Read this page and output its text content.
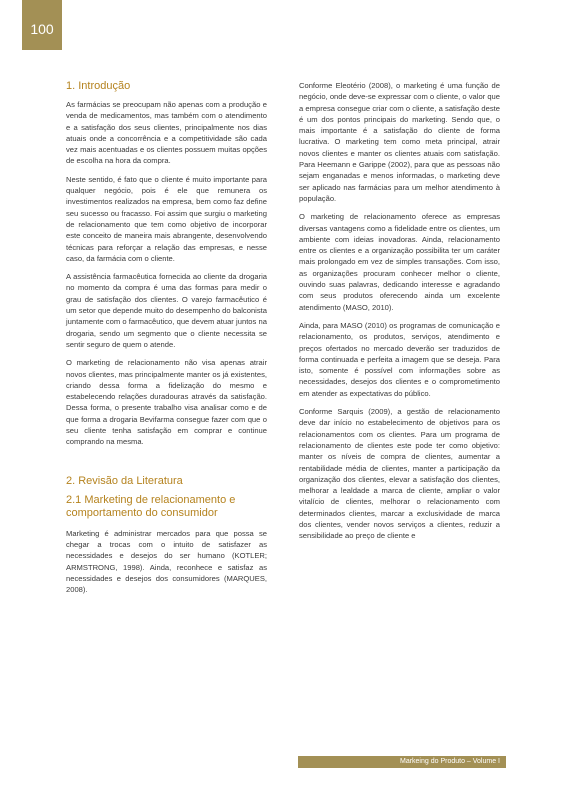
100
1. Introdução

As farmácias se preocupam não apenas com a produção e venda de medicamentos, mas também com o atendimento e a satisfação dos seus clientes, principalmente nos dias atuais onde a concorrência e a competitividade são cada vez mais acentuadas e os clientes possuem muitas opções de escolha na hora da compra.

Neste sentido, é fato que o cliente é muito importante para qualquer negócio, pois é ele que remunera os investimentos realizados na empresa, bem como faz define seu sucesso ou fracasso. Foi assim que surgiu o marketing de relacionamento que tem como objetivo de incorporar este conceito de maneira mais abrangente, desenvolvendo técnicas para reforçar a relação das empresas, e nesse caso, da farmácia com o cliente.

A assistência farmacêutica fornecida ao cliente da drogaria no momento da compra é uma das formas para medir o grau de satisfação dos clientes. O varejo farmacêutico é um setor que depende muito do desempenho do balconista juntamente com o farmacêutico, que devem atuar juntos na drogaria, sendo um segmento que o cliente necessita se sentir seguro de quem o atende.

O marketing de relacionamento não visa apenas atrair novos clientes, mas principalmente manter os já existentes, criando dessa forma a fidelização do mesmo e estabelecendo relações duradouras através da satisfação. Dessa forma, o presente trabalho visa analisar como e de que forma a drogaria Bevifarma consegue fazer com que o seu cliente tenha satisfação em comprar e continue comprando na mesma.

2. Revisão da Literatura
2.1 Marketing de relacionamento e comportamento do consumidor

Marketing é administrar mercados para que possa se chegar a trocas com o intuito de satisfazer as necessidades e desejos do ser humano (KOTLER; ARMSTRONG, 1998). Ainda, reconhece e satisfaz as necessidades e desejos dos consumidores (MARQUES, 2008).

Conforme Eleotério (2008), o marketing é uma função de negócio, onde deve-se expressar com o cliente, o valor que a empresa consegue criar com o cliente, a satisfação deste é um dos pontos principais do marketing. Sendo que, o mais importante é a satisfação do cliente de forma lucrativa. O marketing tem como meta principal, atrair novos clientes e manter os clientes atuais com satisfação. Para Heemann e Garippe (2002), para que as pessoas não sejam enganadas e menos informadas, o marketing deve ser aplicado nas farmácias para um melhor atendimento à população.

O marketing de relacionamento oferece as empresas diversas vantagens como a fidelidade entre os clientes, um ambiente com ideias inovadoras. Ainda, relacionamento entre os clientes e a organização possibilita ter um caráter mais prolongado em vez de simples transações. Com isso, as organizações procuram conhecer melhor o cliente, ouvindo suas palavras, dedicando interesse e agradando com seus produtos oferecendo ainda um excelente atendimento (MASO, 2010).

Ainda, para MASO (2010) os programas de comunicação e relacionamento, os produtos, serviços, atendimento e preços ofertados no mercado deverão ser traduzidos de forma continuada e perfeita a imagem que se deseja. Para isto, somente é possível com informações sobre as necessidades, desejos dos clientes e o comprometimento em atender as expectativas do público.

Conforme Sarquis (2009), a gestão de relacionamento deve dar início no estabelecimento de objetivos para os relacionamentos com os clientes. Para um programa de relacionamento de clientes este pode ter como objetivo: manter os níveis de compra de clientes, aumentar a rentabilidade média de clientes, manter a participação da organização dos clientes, elevar a satisfação dos clientes, melhorar a lealdade a marca de cliente, ampliar o valor vitalício de clientes, melhorar o relacionamento com determinados clientes, marcar a exclusividade de marca dos clientes, vender novos serviços a clientes, reduzir a sensibilidade ao preço de cliente e

Markeing do Produto – Volume I
